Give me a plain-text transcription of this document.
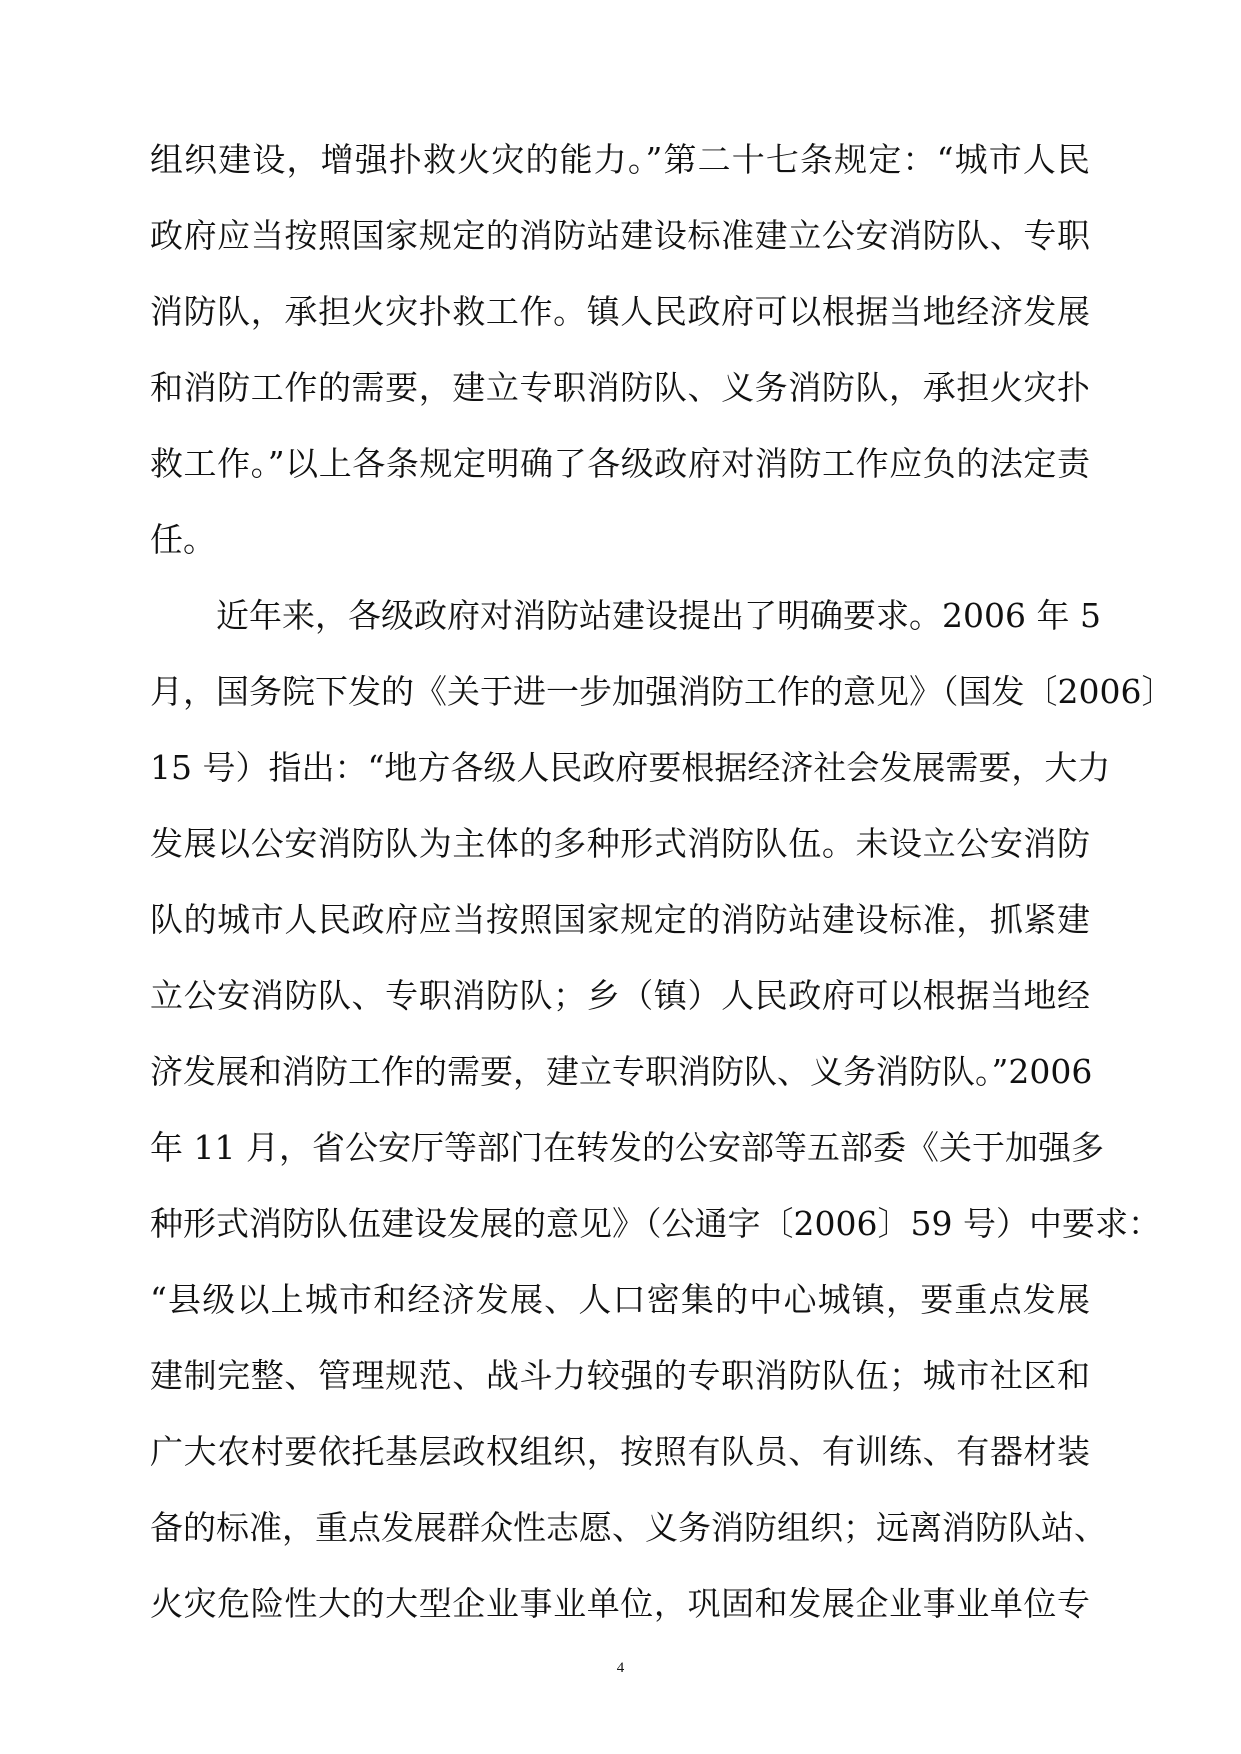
组织建设，增强扑救火灾的能力。”第二十七条规定：“城市人民
政府应当按照国家规定的消防站建设标准建立公安消防队、专职
消防队，承担火灾扑救工作。镇人民政府可以根据当地经济发展
和消防工作的需要，建立专职消防队、义务消防队，承担火灾扑
救工作。”以上各条规定明确了各级政府对消防工作应负的法定责
任。
近年来，各级政府对消防站建设提出了明确要求。2006 年 5
月，国务院下发的《关于进一步加强消防工作的意见》（国发〔2006〕
15 号）指出：“地方各级人民政府要根据经济社会发展需要，大力
发展以公安消防队为主体的多种形式消防队伍。未设立公安消防
队的城市人民政府应当按照国家规定的消防站建设标准，抓紧建
立公安消防队、专职消防队；乡（镇）人民政府可以根据当地经
济发展和消防工作的需要，建立专职消防队、义务消防队。”2006
年 11 月，省公安厅等部门在转发的公安部等五部委《关于加强多
种形式消防队伍建设发展的意见》（公通字〔2006〕59 号）中要求：
“县级以上城市和经济发展、人口密集的中心城镇，要重点发展
建制完整、管理规范、战斗力较强的专职消防队伍；城市社区和
广大农村要依托基层政权组织，按照有队员、有训练、有器材装
备的标准，重点发展群众性志愿、义务消防组织；远离消防队站、
火灾危险性大的大型企业事业单位，巩固和发展企业事业单位专
4
